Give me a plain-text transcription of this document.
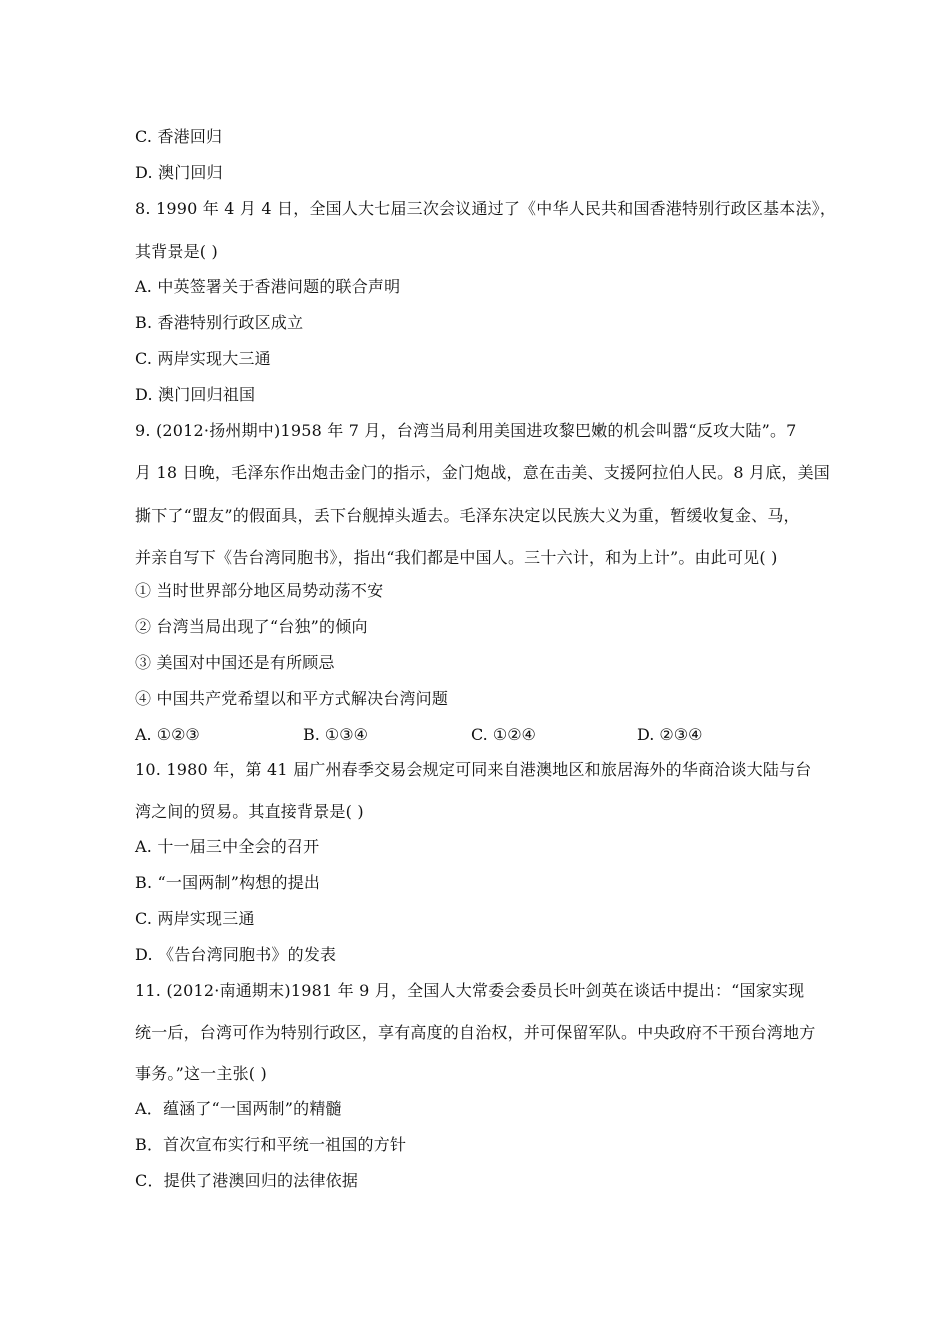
C. 香港回归
D. 澳门回归
8. 1990 年 4 月 4 日，全国人大七届三次会议通过了《中华人民共和国香港特别行政区基本法》，
其背景是( )
A. 中英签署关于香港问题的联合声明
B. 香港特别行政区成立
C. 两岸实现大三通
D. 澳门回归祖国
9. (2012·扬州期中)1958 年 7 月，台湾当局利用美国进攻黎巴嫩的机会叫嚣“反攻大陆”。7
月 18 日晚，毛泽东作出炮击金门的指示，金门炮战，意在击美、支援阿拉伯人民。8 月底，美国
撕下了“盟友”的假面具，丢下台舰掉头遁去。毛泽东决定以民族大义为重，暂缓收复金、马，
并亲自写下《告台湾同胞书》，指出“我们都是中国人。三十六计，和为上计”。由此可见( )
① 当时世界部分地区局势动荡不安
② 台湾当局出现了“台独”的倾向
③ 美国对中国还是有所顾忌
④ 中国共产党希望以和平方式解决台湾问题
A. ①②③	B. ①③④	C. ①②④	D. ②③④
10. 1980 年，第 41 届广州春季交易会规定可同来自港澳地区和旅居海外的华商洽谈大陆与台
湾之间的贸易。其直接背景是( )
A. 十一届三中全会的召开
B. “一国两制”构想的提出
C. 两岸实现三通
D. 《告台湾同胞书》的发表
11. (2012·南通期末)1981 年 9 月，全国人大常委会委员长叶剑英在谈话中提出：“国家实现
统一后，台湾可作为特别行政区，享有高度的自治权，并可保留军队。中央政府不干预台湾地方
事务。”这一主张( )
A．蕴涵了“一国两制”的精髓
B．首次宣布实行和平统一祖国的方针
C．提供了港澳回归的法律依据
